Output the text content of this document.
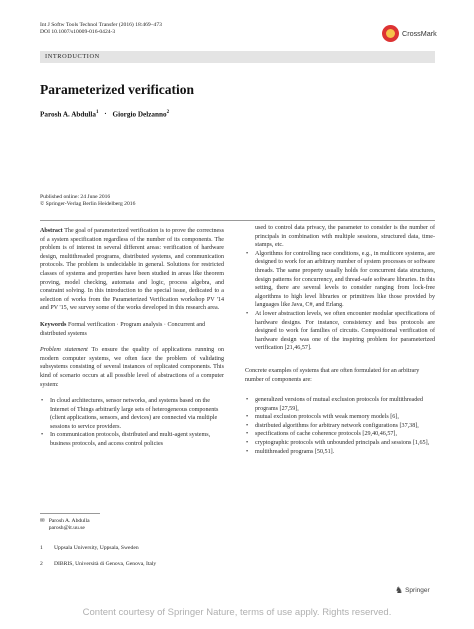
Int J Softw Tools Technol Transfer (2016) 18:469–473
DOI 10.1007/s10009-016-0424-3	CrossMark
INTRODUCTION
Parameterized verification
Parosh A. Abdulla$^1$ · Giorgio Delzanno$^2$
Published online: 24 June 2016
© Springer-Verlag Berlin Heidelberg 2016

Abstract The goal of parameterized verification is to prove the correctness of a system specification regardless of the number of its components. The problem is of interest in several different areas: verification of hardware design, multithreaded programs, distributed systems, and communication protocols. The problem is undecidable in general. Solutions for restricted classes of systems and properties have been studied in areas like theorem proving, model checking, automata and logic, process algebra, and constraint solving. In this introduction to the special issue, dedicated to a selection of works from the Parameterized Verification workshop PV '14 and PV '15, we survey some of the works developed in this research area.

Keywords Formal verification · Program analysis · Concurrent and distributed systems

Problem statement To ensure the quality of applications running on modern computer systems, we often face the problem of validating subsystems consisting of several instances of replicated components. This kind of scenario occurs at all possible level of abstractions of a computer system:

• In cloud architectures, sensor networks, and systems based on the Internet of Things arbitrarily large sets of heterogeneous components (client applications, sensors, and devices) are connected via multiple sessions to service providers.
• In communication protocols, distributed and multi-agent systems, business protocols, and access control policies
✉ Parosh A. Abdulla
parosh@it.uu.se
1 Uppsala University, Uppsala, Sweden
2 DIBRIS, Università di Genova, Genova, Italy

used to control data privacy, the parameter to consider is the number of principals in combination with multiple sessions, structured data, time-stamps, etc.

• Algorithms for controlling race conditions, e.g., in multicore systems, are designed to work for an arbitrary number of system processes or software threads. The same property usually holds for concurrent data structures, design patterns for concurrency, and thread-safe software libraries. In this setting, there are several levels to consider ranging from lock-free algorithms to high level libraries or primitives like those provided by languages like Java, C#, and Erlang.
• At lower abstraction levels, we often encounter modular specifications of hardware designs. For instance, consistency and bus protocols are designed to work for families of circuits. Compositional verification of hardware design was one of the inspiring problem for parameterized verification [21,46,57].

Concrete examples of systems that are often formulated for an arbitrary number of components are:

• generalized versions of mutual exclusion protocols for multithreaded programs [27,59],
• mutual exclusion protocols with weak memory models [6],
• distributed algorithms for arbitrary network configurations [37,38],
• specifications of cache coherence protocols [29,40,46,57],
• cryptographic protocols with unbounded principals and sessions [1,65],
• multithreaded programs [50,51].
♞ Springer
Content courtesy of Springer Nature, terms of use apply. Rights reserved.
